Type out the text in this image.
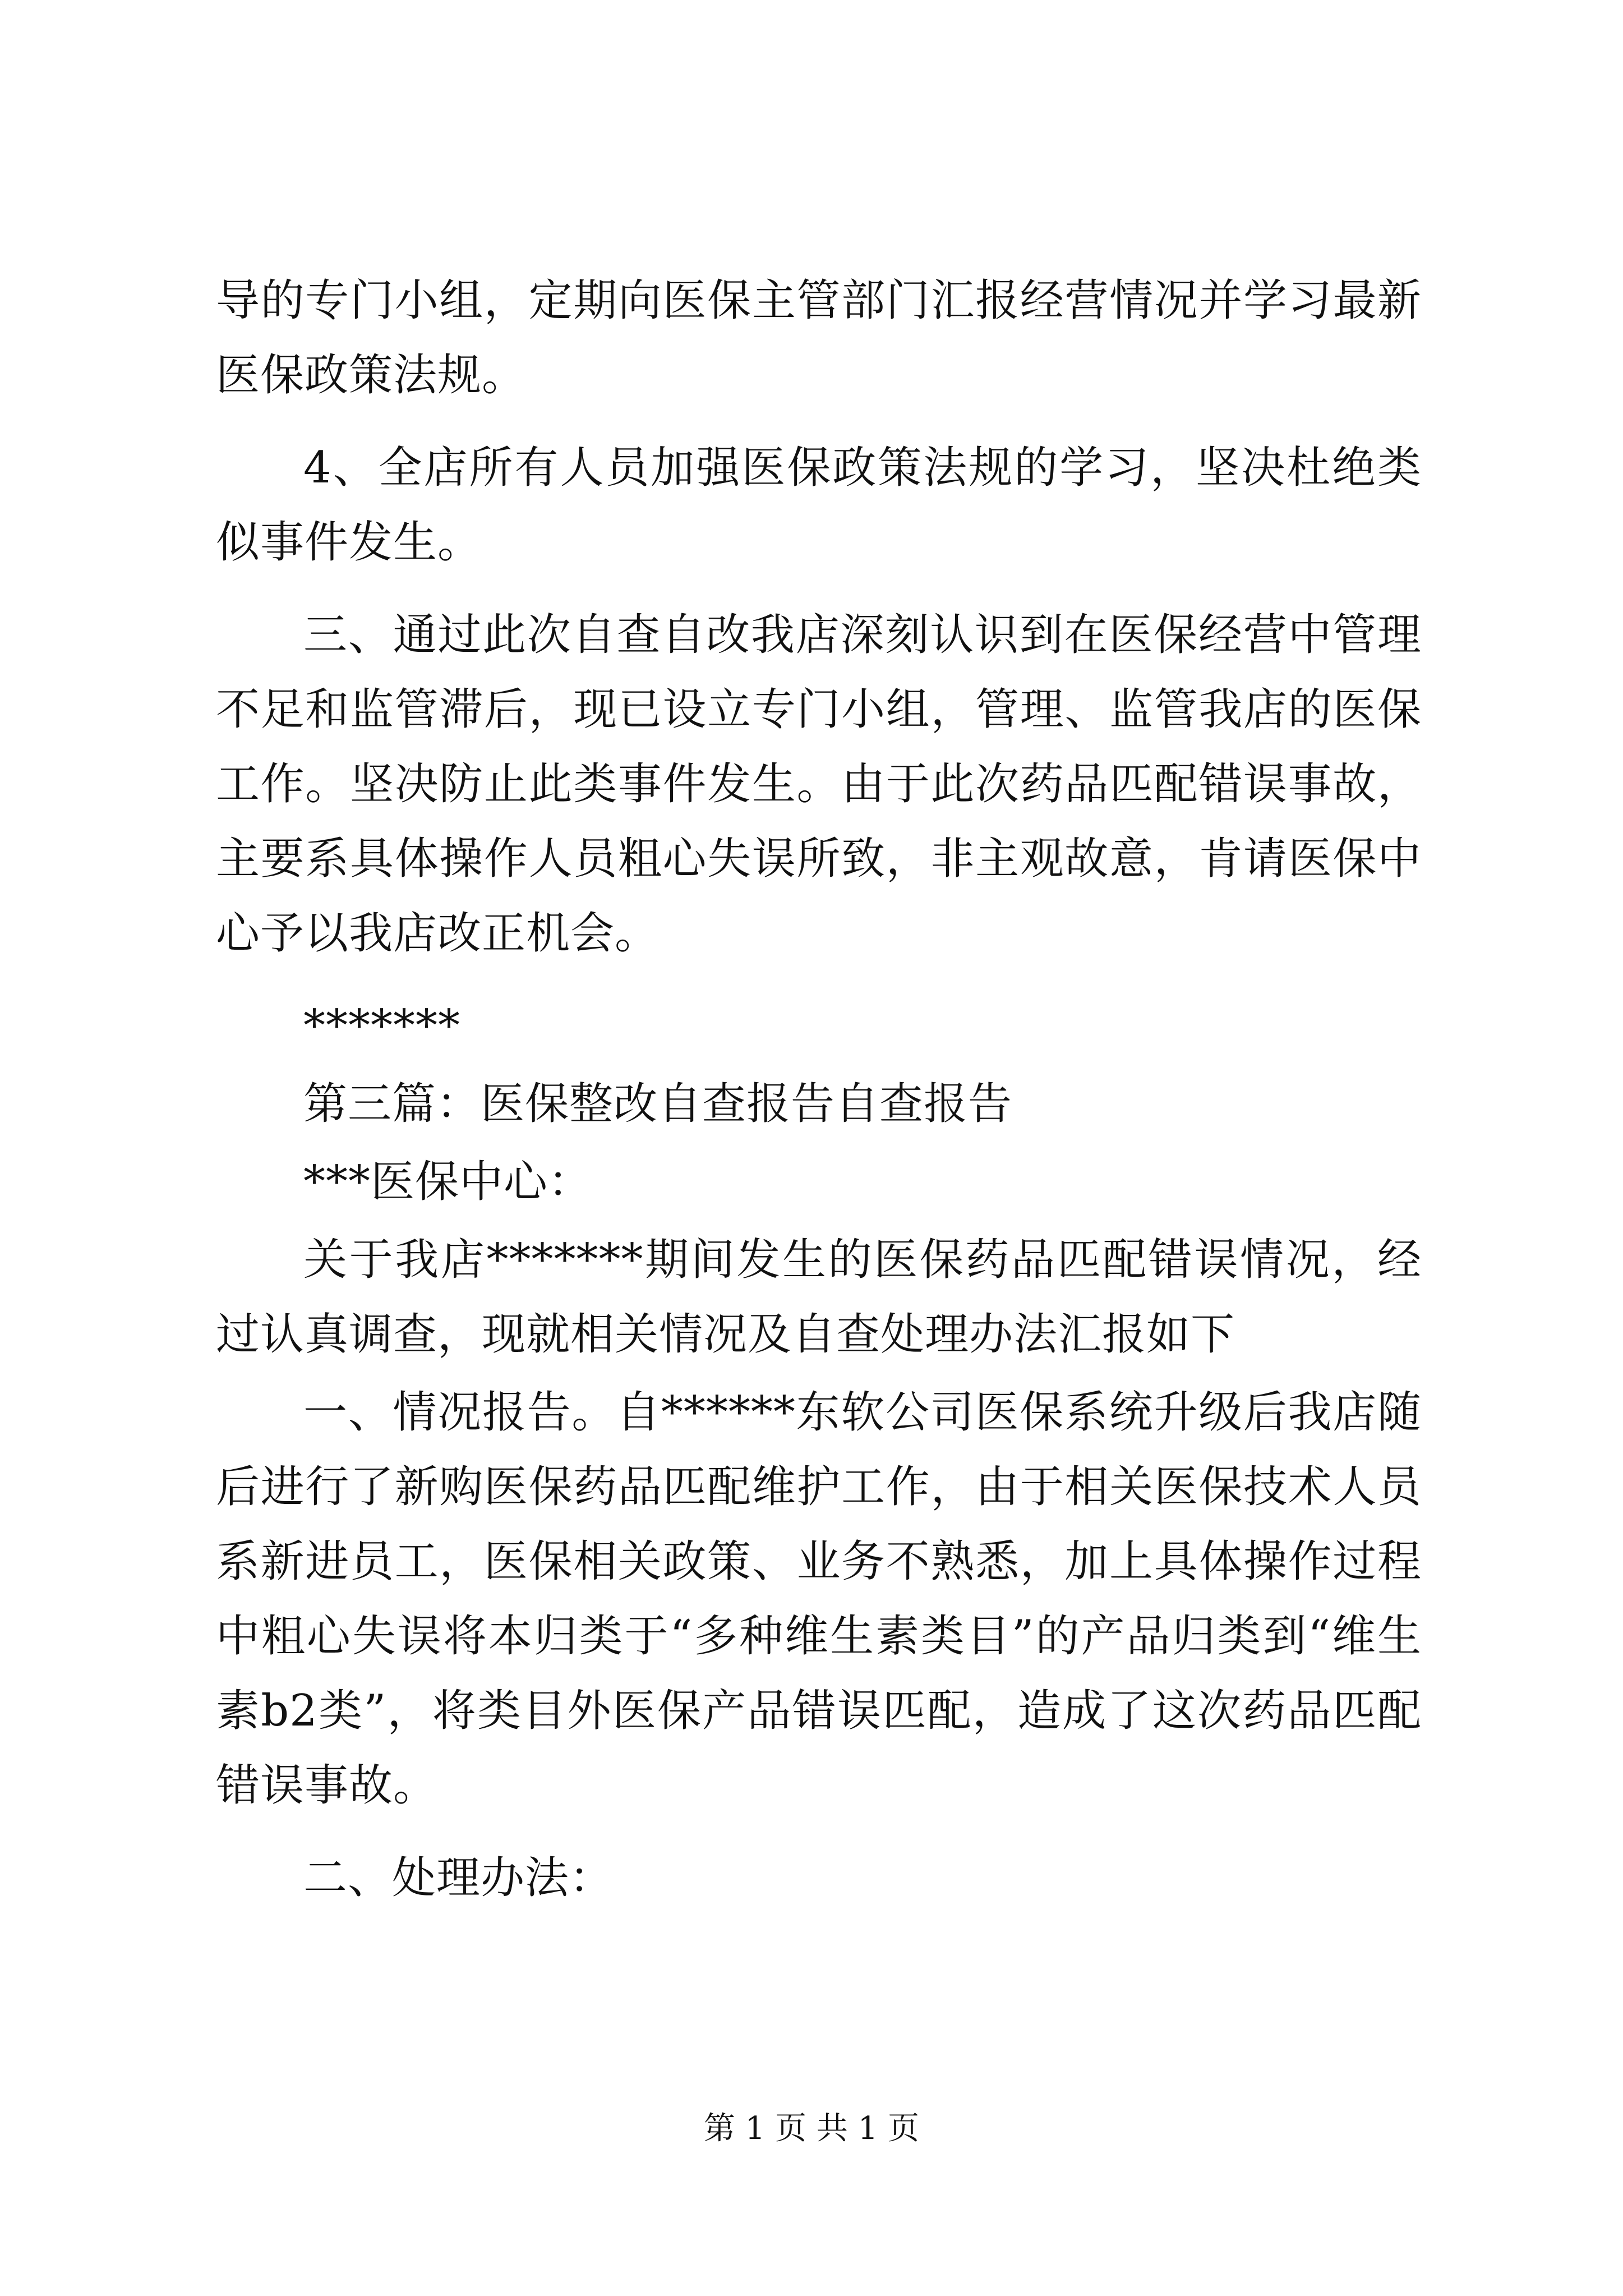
导的专门小组，定期向医保主管部门汇报经营情况并学习最新医保政策法规。

4、全店所有人员加强医保政策法规的学习，坚决杜绝类似事件发生。

三、通过此次自查自改我店深刻认识到在医保经营中管理不足和监管滞后，现已设立专门小组，管理、监管我店的医保工作。坚决防止此类事件发生。由于此次药品匹配错误事故，主要系具体操作人员粗心失误所致，非主观故意，肯请医保中心予以我店改正机会。

*******

第三篇：医保整改自查报告自查报告

***医保中心：

关于我店*******期间发生的医保药品匹配错误情况，经过认真调查，现就相关情况及自查处理办法汇报如下

一、情况报告。自******东软公司医保系统升级后我店随后进行了新购医保药品匹配维护工作，由于相关医保技术人员系新进员工，医保相关政策、业务不熟悉，加上具体操作过程中粗心失误将本归类于“多种维生素类目”的产品归类到“维生素b2类”，将类目外医保产品错误匹配，造成了这次药品匹配错误事故。

二、处理办法：

第 1 页 共 1 页
